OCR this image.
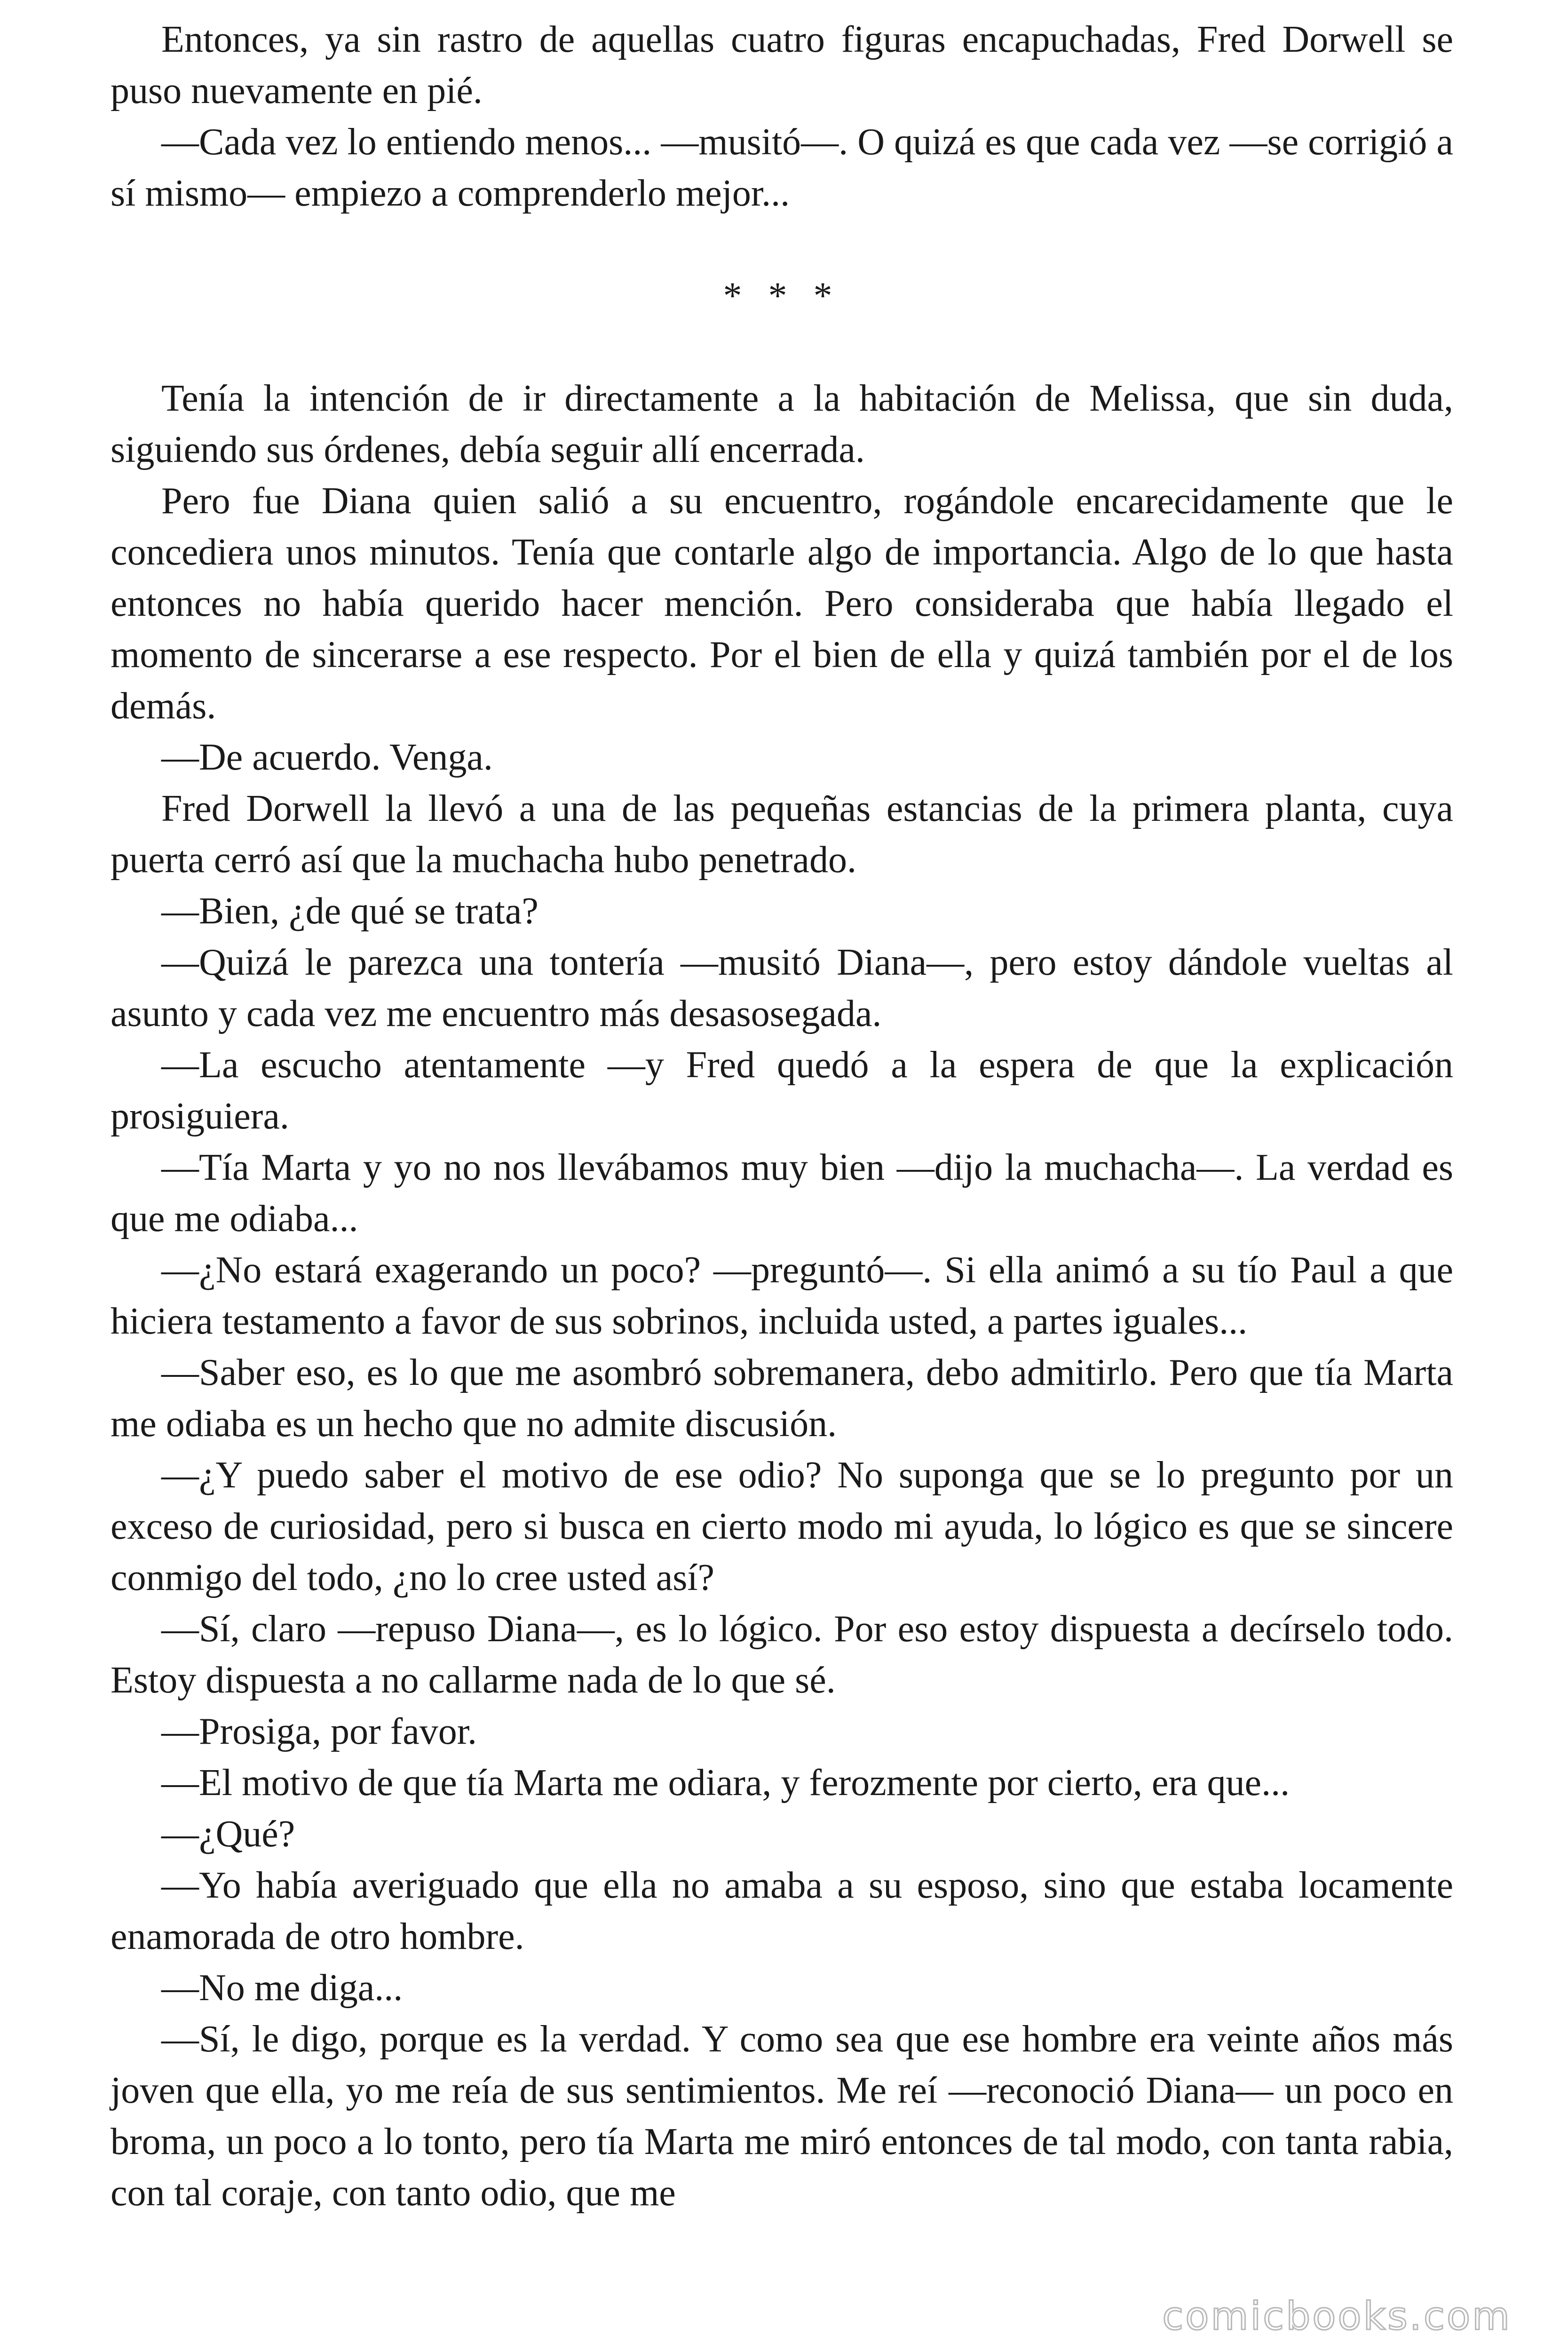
Entonces, ya sin rastro de aquellas cuatro figuras encapuchadas, Fred Dorwell se puso nuevamente en pié.

—Cada vez lo entiendo menos... —musitó—. O quizá es que cada vez —se corrigió a sí mismo— empiezo a comprenderlo mejor...

* * *

Tenía la intención de ir directamente a la habitación de Melissa, que sin duda, siguiendo sus órdenes, debía seguir allí encerrada.

Pero fue Diana quien salió a su encuentro, rogándole encarecidamente que le concediera unos minutos. Tenía que contarle algo de importancia. Algo de lo que hasta entonces no había querido hacer mención. Pero consideraba que había llegado el momento de sincerarse a ese respecto. Por el bien de ella y quizá también por el de los demás.

—De acuerdo. Venga.

Fred Dorwell la llevó a una de las pequeñas estancias de la primera planta, cuya puerta cerró así que la muchacha hubo penetrado.

—Bien, ¿de qué se trata?

—Quizá le parezca una tontería —musitó Diana—, pero estoy dándole vueltas al asunto y cada vez me encuentro más desasosegada.

—La escucho atentamente —y Fred quedó a la espera de que la explicación prosiguiera.

—Tía Marta y yo no nos llevábamos muy bien —dijo la muchacha—. La verdad es que me odiaba...

—¿No estará exagerando un poco? —preguntó—. Si ella animó a su tío Paul a que hiciera testamento a favor de sus sobrinos, incluida usted, a partes iguales...

—Saber eso, es lo que me asombró sobremanera, debo admitirlo. Pero que tía Marta me odiaba es un hecho que no admite discusión.

—¿Y puedo saber el motivo de ese odio? No suponga que se lo pregunto por un exceso de curiosidad, pero si busca en cierto modo mi ayuda, lo lógico es que se sincere conmigo del todo, ¿no lo cree usted así?

—Sí, claro —repuso Diana—, es lo lógico. Por eso estoy dispuesta a decírselo todo. Estoy dispuesta a no callarme nada de lo que sé.

—Prosiga, por favor.

—El motivo de que tía Marta me odiara, y ferozmente por cierto, era que...

—¿Qué?

—Yo había averiguado que ella no amaba a su esposo, sino que estaba locamente enamorada de otro hombre.

—No me diga...

—Sí, le digo, porque es la verdad. Y como sea que ese hombre era veinte años más joven que ella, yo me reía de sus sentimientos. Me reí —reconoció Diana— un poco en broma, un poco a lo tonto, pero tía Marta me miró entonces de tal modo, con tanta rabia, con tal coraje, con tanto odio, que me

comicbooks.com
